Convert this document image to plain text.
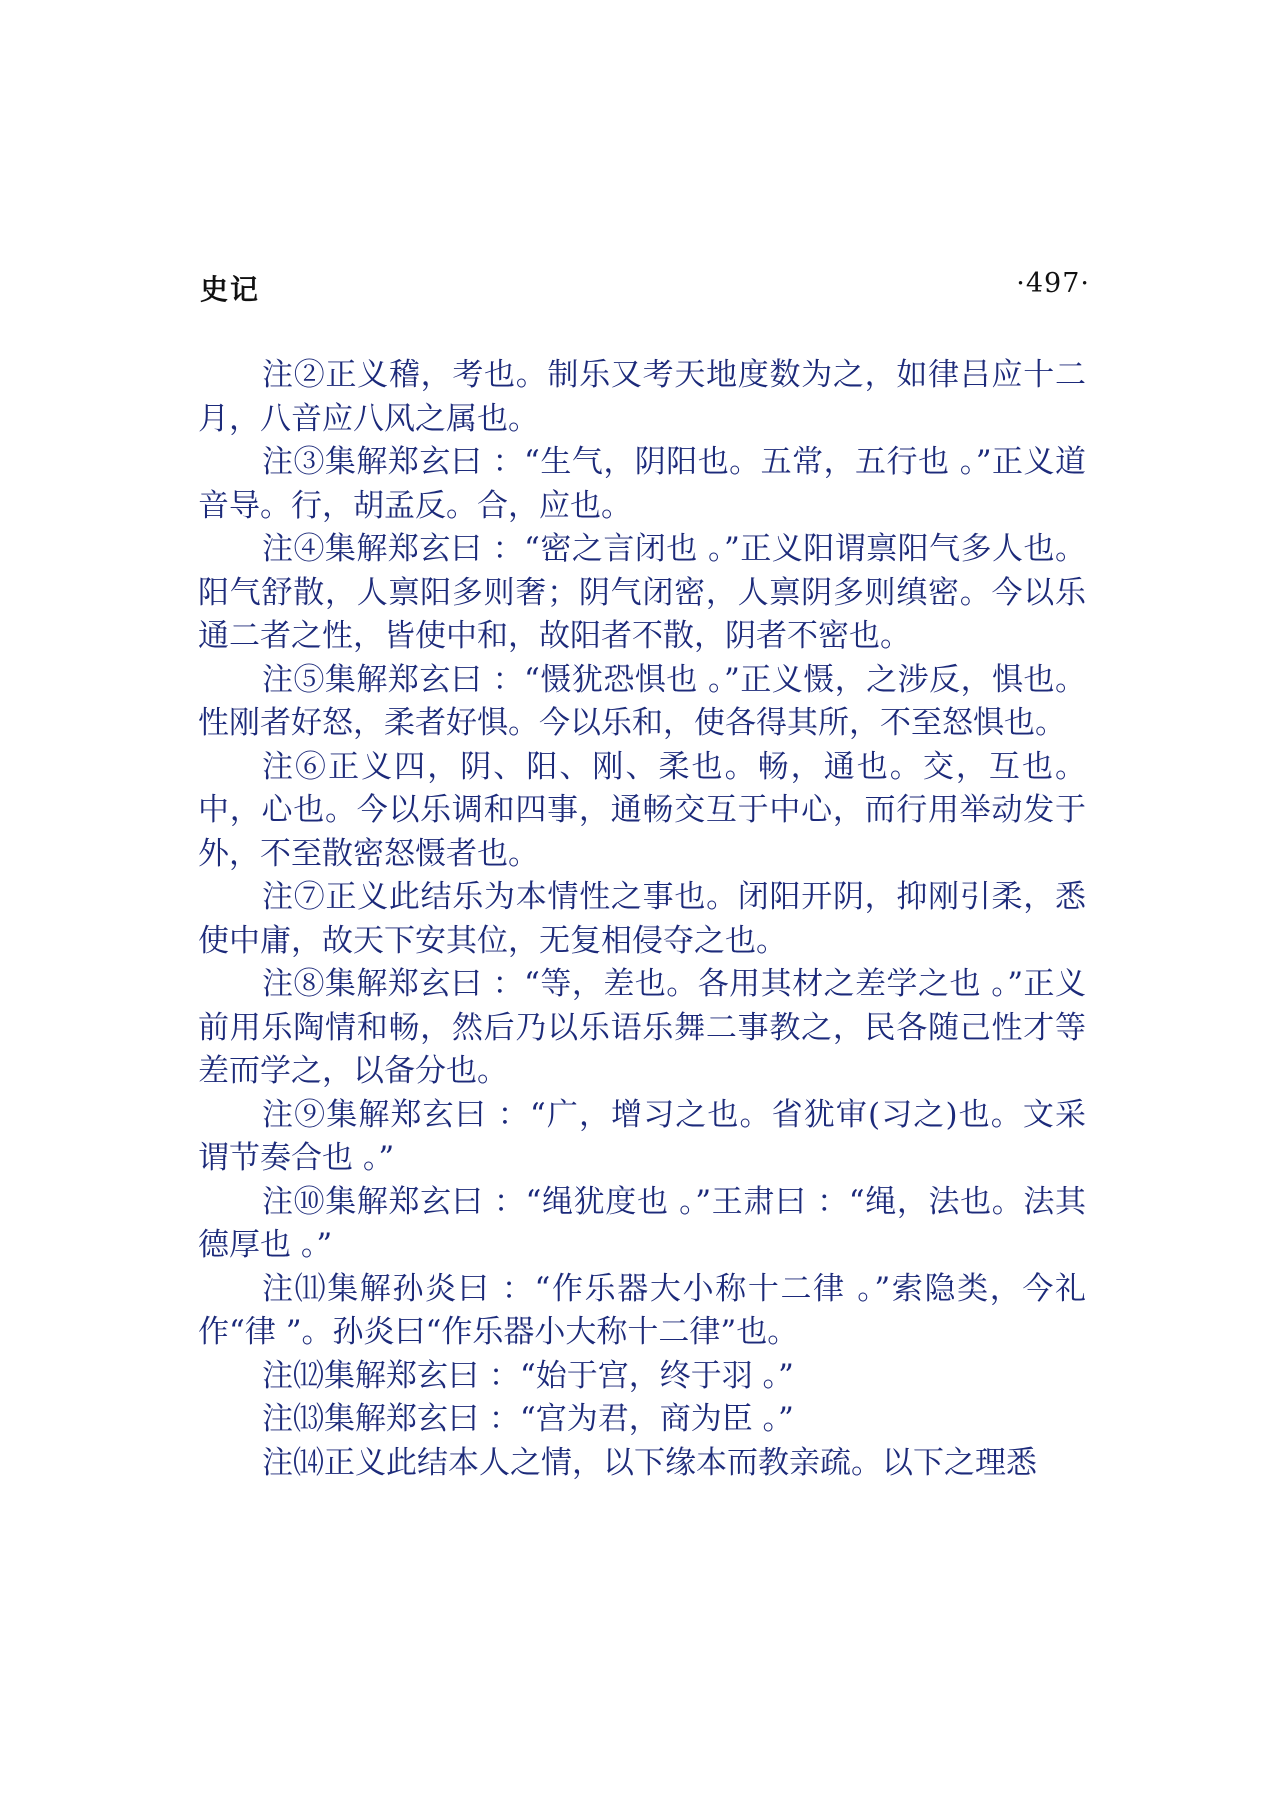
史记	·497·

注②正义稽，考也。制乐又考天地度数为之，如律吕应十二月，八音应八风之属也。

注③集解郑玄曰 ：“生气，阴阳也。五常，五行也 。”正义道音导。行，胡孟反。合，应也。

注④集解郑玄曰 ：“密之言闭也 。”正义阳谓禀阳气多人也。阳气舒散，人禀阳多则奢；阴气闭密，人禀阴多则缜密。今以乐通二者之性，皆使中和，故阳者不散，阴者不密也。

注⑤集解郑玄曰 ：“慑犹恐惧也 。”正义慑，之涉反，惧也。性刚者好怒，柔者好惧。今以乐和，使各得其所，不至怒惧也。

注⑥正义四，阴、阳、刚、柔也。畅，通也。交，互也。中，心也。今以乐调和四事，通畅交互于中心，而行用举动发于外，不至散密怒慑者也。

注⑦正义此结乐为本情性之事也。闭阳开阴，抑刚引柔，悉使中庸，故天下安其位，无复相侵夺之也。

注⑧集解郑玄曰 ：“等，差也。各用其材之差学之也 。”正义前用乐陶情和畅，然后乃以乐语乐舞二事教之，民各随己性才等差而学之，以备分也。

注⑨集解郑玄曰 ：“广，增习之也。省犹审(习之)也。文采谓节奏合也 。”

注⑩集解郑玄曰 ：“绳犹度也 。”王肃曰 ：“绳，法也。法其德厚也 。”

注⑾集解孙炎曰 ：“作乐器大小称十二律 。”索隐类，今礼作“律 ”。孙炎曰“作乐器小大称十二律”也。

注⑿集解郑玄曰 ：“始于宫，终于羽 。”

注⒀集解郑玄曰 ：“宫为君，商为臣 。”

注⒁正义此结本人之情，以下缘本而教亲疏。以下之理悉
